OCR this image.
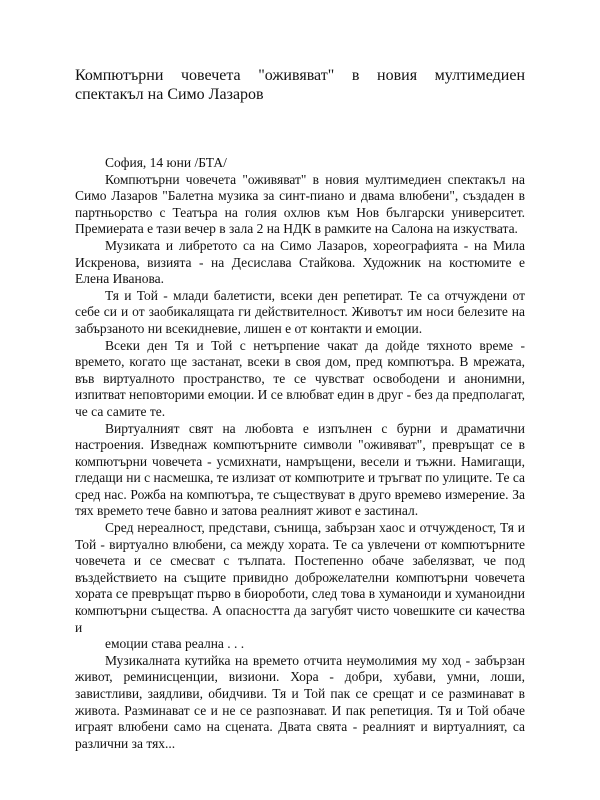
Компютърни човечета "оживяват" в новия мултимедиен спектакъл на Симо Лазаров

София, 14 юни /БТА/

Компютърни човечета "оживяват" в новия мултимедиен спектакъл на Симо Лазаров "Балетна музика за синт-пиано и двама влюбени", създаден в партньорство с Театъра на голия охлюв към Нов български университет. Премиерата е тази вечер в зала 2 на НДК в рамките на Салона на изкуствата.

Музиката и либретото са на Симо Лазаров, хореографията - на Мила Искренова, визията - на Десислава Стайкова. Художник на костюмите е Елена Иванова.

Тя и Той - млади балетисти, всеки ден репетират. Те са отчуждени от себе си и от заобикалящата ги действителност. Животът им носи белезите на забързаното ни всекидневие, лишен е от контакти и емоции.

Всеки ден Тя и Той с нетърпение чакат да дойде тяхното време - времето, когато ще застанат, всеки в своя дом, пред компютъра. В мрежата, във виртуалното пространство, те се чувстват освободени и анонимни, изпитват неповторими емоции. И се влюбват един в друг - без да предполагат, че са самите те.

Виртуалният свят на любовта е изпълнен с бурни и драматични настроения. Изведнаж компютърните символи "оживяват", превръщат се в компютърни човечета - усмихнати, намръщени, весели и тъжни. Намигащи, гледащи ни с насмешка, те излизат от компютрите и тръгват по улиците. Те са сред нас. Рожба на компютъра, те съществуват в друго времево измерение. За тях времето тече бавно и затова реалният живот е застинал.

Сред нереалност, представи, сънища, забързан хаос и отчужденост, Тя и Той - виртуално влюбени, са между хората. Те са увлечени от компютърните човечета и се смесват с тълпата. Постепенно обаче забелязват, че под въздействието на същите привидно доброжелателни компютърни човечета хората се превръщат първо в биороботи, след това в хуманоиди и хуманоидни компютърни същества. А опасността да загубят чисто човешките си качества и

емоции става реална . . .

Музикалната кутийка на времето отчита неумолимия му ход - забързан живот, реминисценции, визиони. Хора - добри, хубави, умни, лоши, завистливи, заядливи, обидчиви. Тя и Той пак се срещат и се разминават в живота. Разминават се и не се разпознават. И пак репетиция. Тя и Той обаче играят влюбени само на сцената. Двата свята - реалният и виртуалният, са различни за тях...
